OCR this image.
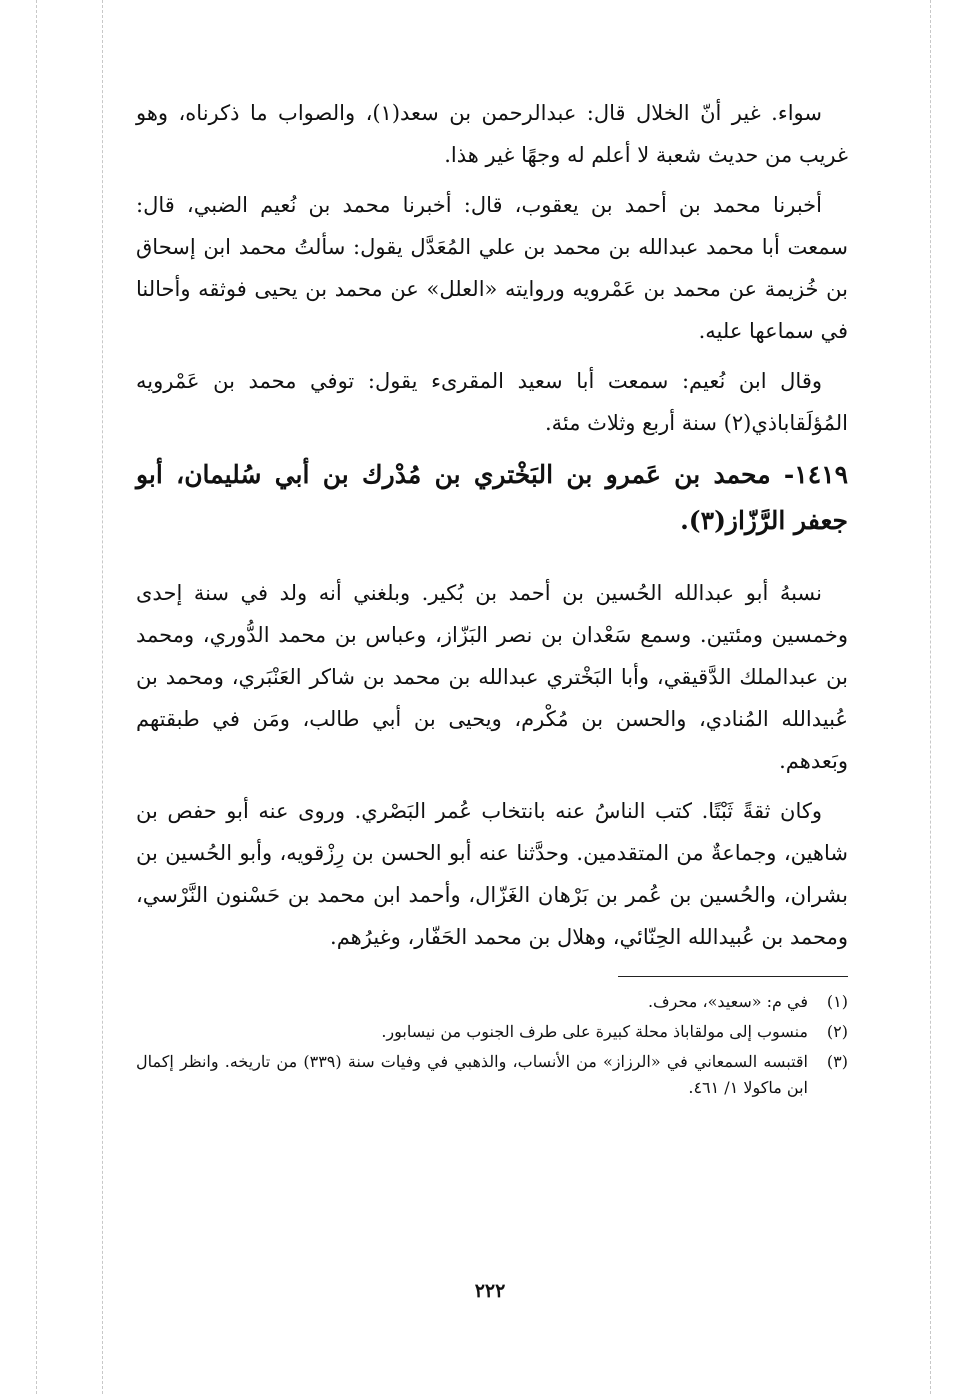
سواء. غير أنّ الخلال قال: عبدالرحمن بن سعد(١)، والصواب ما ذكرناه، وهو غريب من حديث شعبة لا أعلم له وجهًا غير هذا.

أخبرنا محمد بن أحمد بن يعقوب، قال: أخبرنا محمد بن نُعيم الضبي، قال: سمعت أبا محمد عبدالله بن محمد بن علي المُعَدَّل يقول: سألتُ محمد ابن إسحاق بن خُزيمة عن محمد بن عَمْرويه وروايته «العلل» عن محمد بن يحيى فوثقه وأحالنا في سماعها عليه.

وقال ابن نُعيم: سمعت أبا سعيد المقرىء يقول: توفي محمد بن عَمْرويه المُؤلَقاباذي(٢) سنة أربع وثلاث مئة.

١٤١٩- محمد بن عَمرو بن البَخْتري بن مُدْرك بن أبي سُليمان، أبو جعفر الرَّزّاز(٣).

نسبهُ أبو عبدالله الحُسين بن أحمد بن بُكير. وبلغني أنه ولد في سنة إحدى وخمسين ومئتين. وسمع سَعْدان بن نصر البَزّاز، وعباس بن محمد الدُّوري، ومحمد بن عبدالملك الدَّقيقي، وأبا البَخْتري عبدالله بن محمد بن شاكر العَنْبَري، ومحمد بن عُبيدالله المُنادي، والحسن بن مُكْرم، ويحيى بن أبي طالب، ومَن في طبقتهم وبَعدهم.

وكان ثقةً ثَبْتًا. كتب الناسُ عنه بانتخاب عُمر البَصْري. وروى عنه أبو حفص بن شاهين، وجماعةٌ من المتقدمين. وحدَّثنا عنه أبو الحسن بن رِزْقويه، وأبو الحُسين بن بشران، والحُسين بن عُمر بن بَرْهان الغَزّال، وأحمد ابن محمد بن حَسْنون النَّرْسي، ومحمد بن عُبيدالله الحِنّائي، وهلال بن محمد الحَفّار، وغيرُهم.

(١)
في م: «سعيد»، محرف.
(٢)
منسوب إلى مولقاباذ محلة كبيرة على طرف الجنوب من نيسابور.
(٣)
اقتبسه السمعاني في «الرزاز» من الأنساب، والذهبي في وفيات سنة (٣٣٩) من تاريخه. وانظر إكمال ابن ماكولا ١/ ٤٦١.
٢٢٢
